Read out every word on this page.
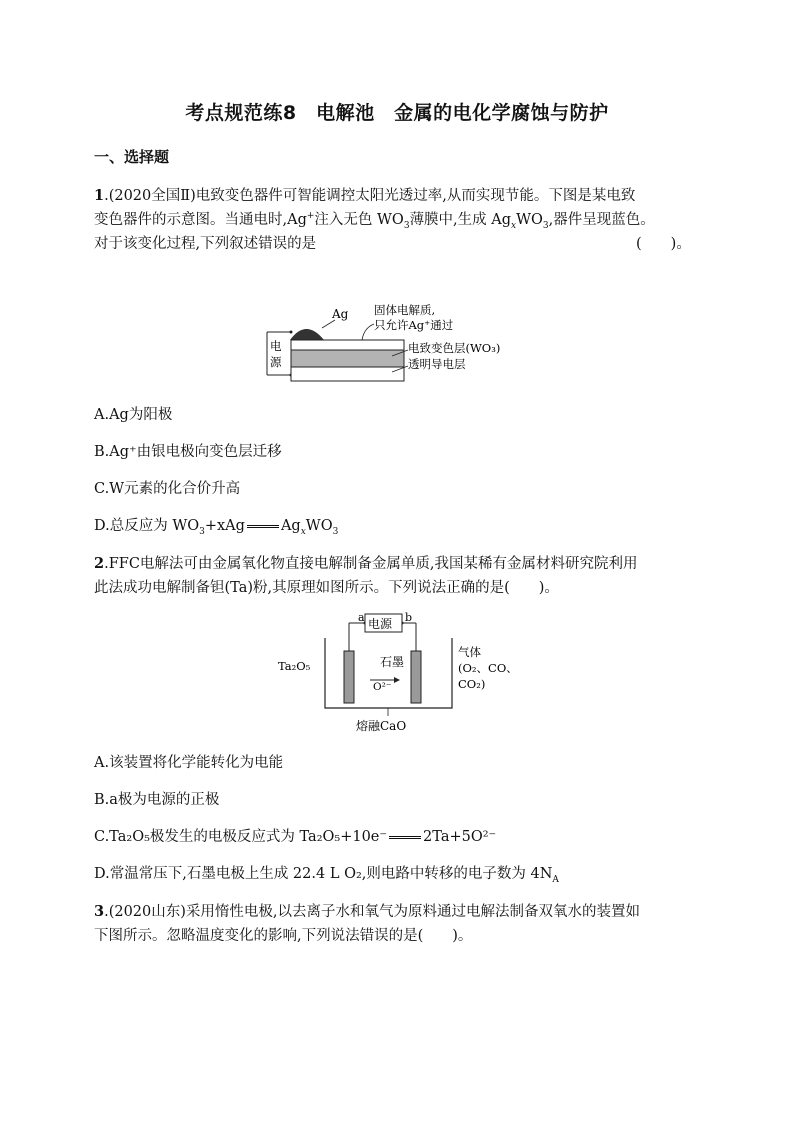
考点规范练8　电解池　金属的电化学腐蚀与防护
一、选择题
1.(2020全国Ⅱ)电致变色器件可智能调控太阳光透过率,从而实现节能。下图是某电致
变色器件的示意图。当通电时,Ag+注入无色 $WO_3$薄膜中,生成 $Ag_xWO_3$,器件呈现蓝色。
对于该变化过程,下列叙述错误的是	(　　)。
Ag 固体电解质,
只允许Ag⁺通过
电致变色层(WO₃)
透明导电层
电
源
A.Ag为阳极
B.Ag⁺由银电极向变色层迁移
C.W元素的化合价升高
D.总反应为 $WO_3+xAg$ $Ag_xWO_3$
2.FFC电解法可由金属氧化物直接电解制备金属单质,我国某稀有金属材料研究院利用
此法成功电解制备钽(Ta)粉,其原理如图所示。下列说法正确的是(　　)。
电源
a	b
O²⁻
石墨
Ta₂O₅
气体
(O₂、CO、
CO₂)
熔融CaO
A.该装置将化学能转化为电能
B.a极为电源的正极
C.Ta₂O₅极发生的电极反应式为 Ta₂O₅+10e⁻ 2Ta+5O²⁻
D.常温常压下,石墨电极上生成 22.4 L O₂,则电路中转移的电子数为 $4N_A$
3.(2020山东)采用惰性电极,以去离子水和氧气为原料通过电解法制备双氧水的装置如
下图所示。忽略温度变化的影响,下列说法错误的是(　　)。
